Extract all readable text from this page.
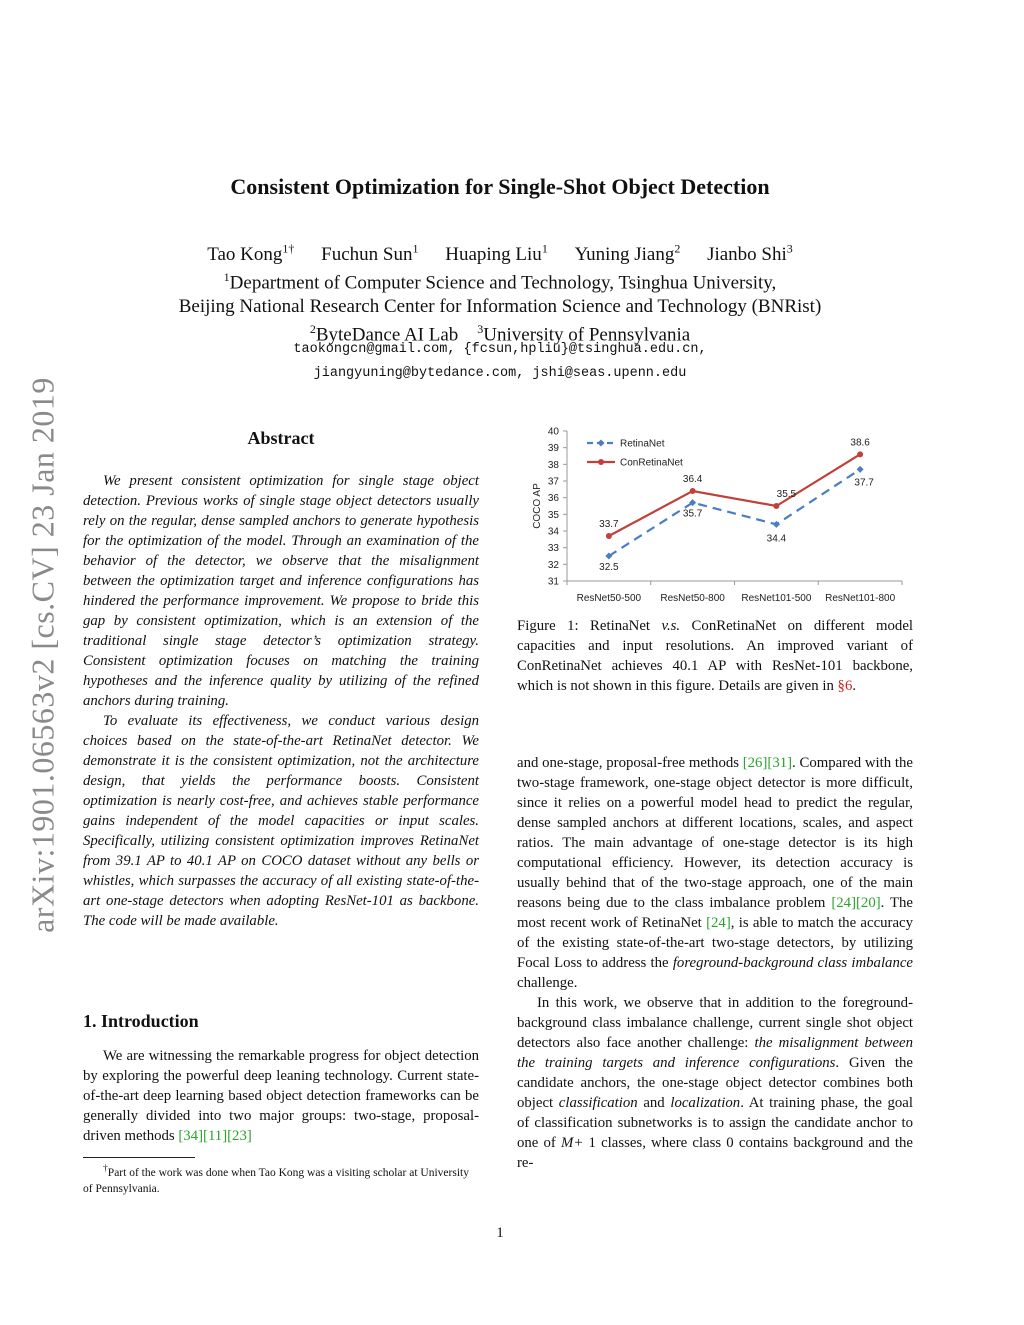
arXiv:1901.06563v2 [cs.CV] 23 Jan 2019
Consistent Optimization for Single-Shot Object Detection
Tao Kong$^{1\dagger}$ Fuchun Sun$^1$ Huaping Liu$^1$ Yuning Jiang$^2$ Jianbo Shi$^3$
$^1$Department of Computer Science and Technology, Tsinghua University,
Beijing National Research Center for Information Science and Technology (BNRist)
$^2$ByteDance AI Lab $^3$University of Pennsylvania
taokongcn@gmail.com, {fcsun,hpliu}@tsinghua.edu.cn,
jiangyuning@bytedance.com, jshi@seas.upenn.edu
Abstract

We present consistent optimization for single stage object detection. Previous works of single stage object detectors usually rely on the regular, dense sampled anchors to generate hypothesis for the optimization of the model. Through an examination of the behavior of the detector, we observe that the misalignment between the optimization target and inference configurations has hindered the performance improvement. We propose to bride this gap by consistent optimization, which is an extension of the traditional single stage detector’s optimization strategy. Consistent optimization focuses on matching the training hypotheses and the inference quality by utilizing of the refined anchors during training.

To evaluate its effectiveness, we conduct various design choices based on the state-of-the-art RetinaNet detector. We demonstrate it is the consistent optimization, not the architecture design, that yields the performance boosts. Consistent optimization is nearly cost-free, and achieves stable performance gains independent of the model capacities or input scales. Specifically, utilizing consistent optimization improves RetinaNet from 39.1 AP to 40.1 AP on COCO dataset without any bells or whistles, which surpasses the accuracy of all existing state-of-the-art one-stage detectors when adopting ResNet-101 as backbone. The code will be made available.

1. Introduction

We are witnessing the remarkable progress for object detection by exploring the powerful deep leaning technology. Current state-of-the-art deep learning based object detection frameworks can be generally divided into two major groups: two-stage, proposal-driven methods [34][11][23]

†Part of the work was done when Tao Kong was a visiting scholar at University of Pennsylvania.
31
32
33
34
35
36
37
38
39
40
ResNet50-500 ResNet50-800 ResNet101-500 ResNet101-800
COCO AP
32.5
35.7
34.4
37.7
33.7
36.4
35.5
38.6
RetinaNet
ConRetinaNet

Figure 1: RetinaNet v.s. ConRetinaNet on different model capacities and input resolutions. An improved variant of ConRetinaNet achieves 40.1 AP with ResNet-101 backbone, which is not shown in this figure. Details are given in §6.

and one-stage, proposal-free methods [26][31]. Compared with the two-stage framework, one-stage object detector is more difficult, since it relies on a powerful model head to predict the regular, dense sampled anchors at different locations, scales, and aspect ratios. The main advantage of one-stage detector is its high computational efficiency. However, its detection accuracy is usually behind that of the two-stage approach, one of the main reasons being due to the class imbalance problem [24][20]. The most recent work of RetinaNet [24], is able to match the accuracy of the existing state-of-the-art two-stage detectors, by utilizing Focal Loss to address the foreground-background class imbalance challenge.

In this work, we observe that in addition to the foreground-background class imbalance challenge, current single shot object detectors also face another challenge: the misalignment between the training targets and inference configurations. Given the candidate anchors, the one-stage object detector combines both object classification and localization. At training phase, the goal of classification subnetworks is to assign the candidate anchor to one of M+ 1 classes, where class 0 contains background and the re-

1
